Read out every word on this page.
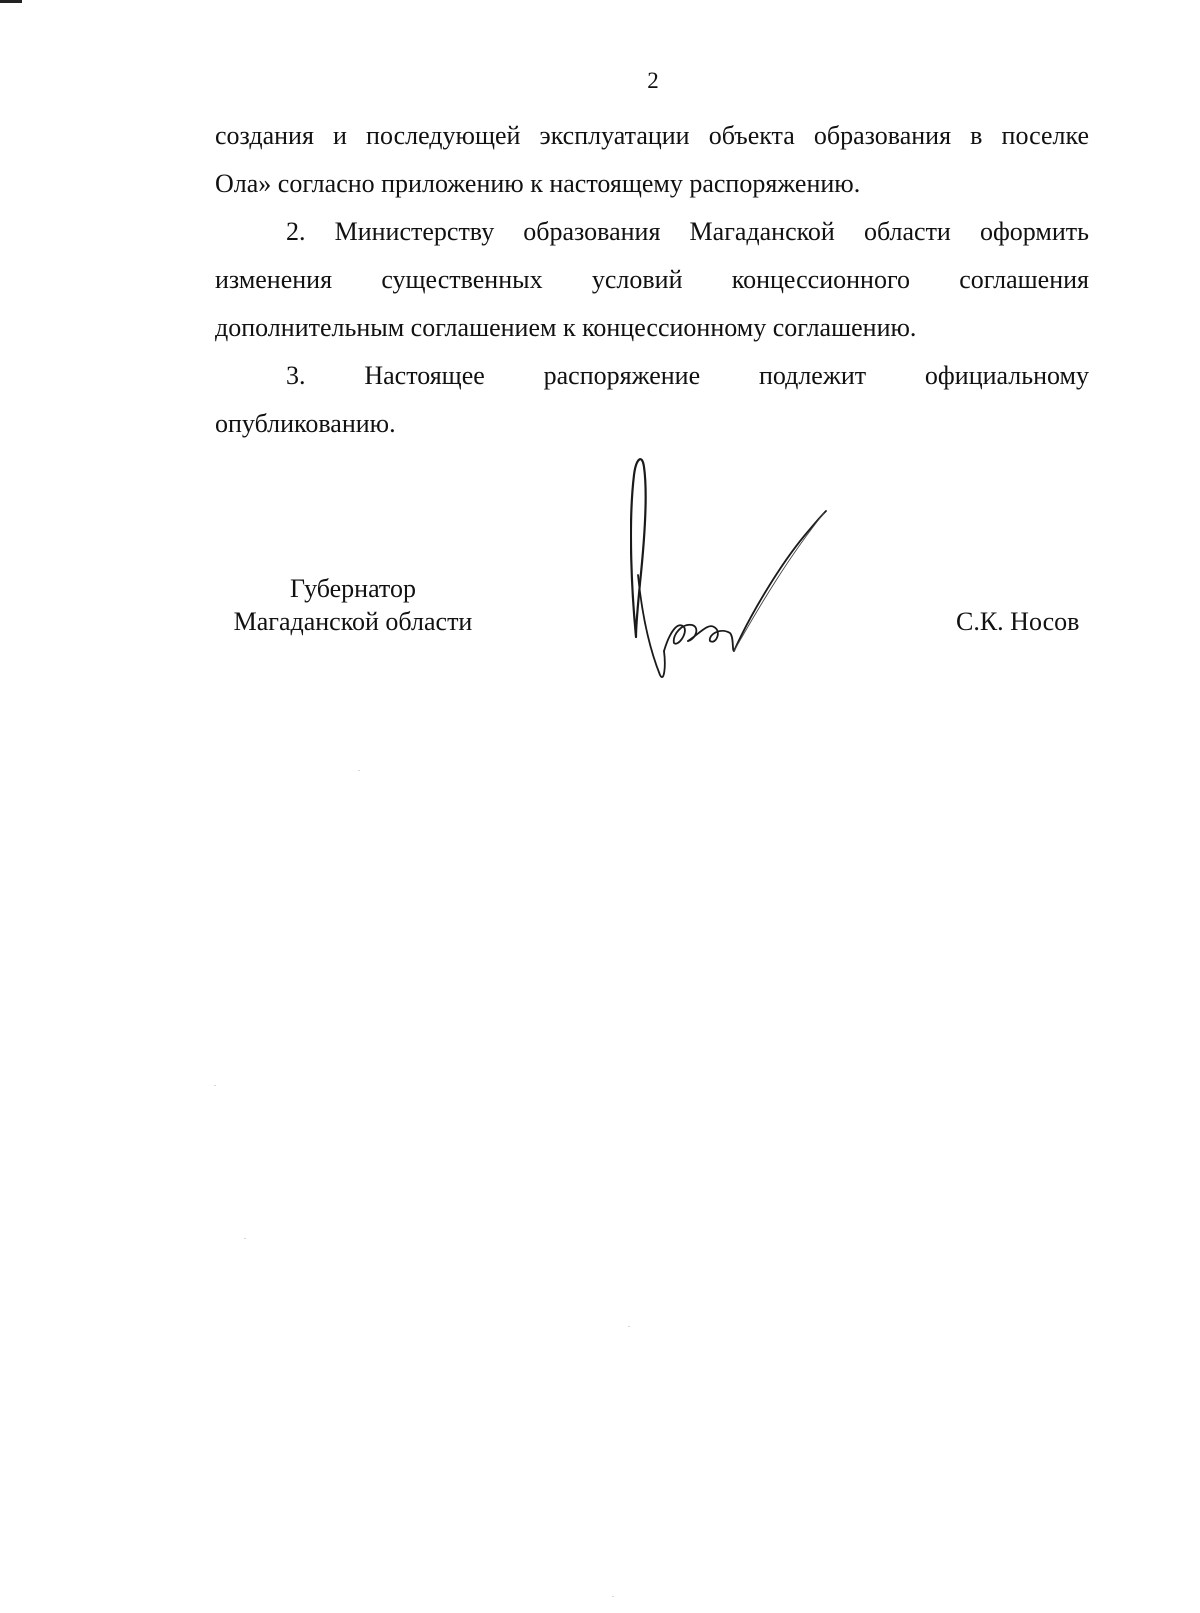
2
создания и последующей эксплуатации объекта образования в поселке
Ола» согласно приложению к настоящему распоряжению.
2. Министерству образования Магаданской области оформить
изменения существенных условий концессионного соглашения
дополнительным соглашением к концессионному соглашению.
3. Настоящее распоряжение подлежит официальному
опубликованию.
Губернатор
Магаданской области	С.К. Носов
